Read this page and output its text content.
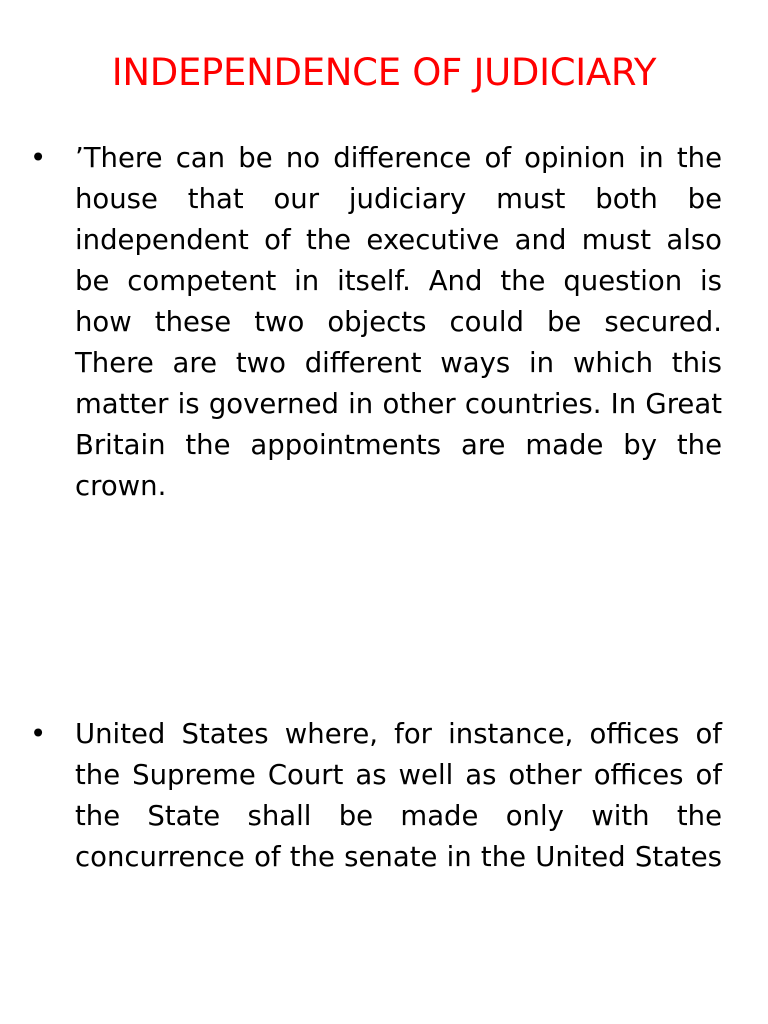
INDEPENDENCE OF JUDICIARY
•	’There can be no difference of opinion in the
house that our judiciary must both be
independent of the executive and must also
be competent in itself. And the question is
how these two objects could be secured.
There are two different ways in which this
matter is governed in other countries. In Great
Britain the appointments are made by the
crown.
•	United States where, for instance, offices of
the Supreme Court as well as other offices of
the State shall be made only with the
concurrence of the senate in the United States
